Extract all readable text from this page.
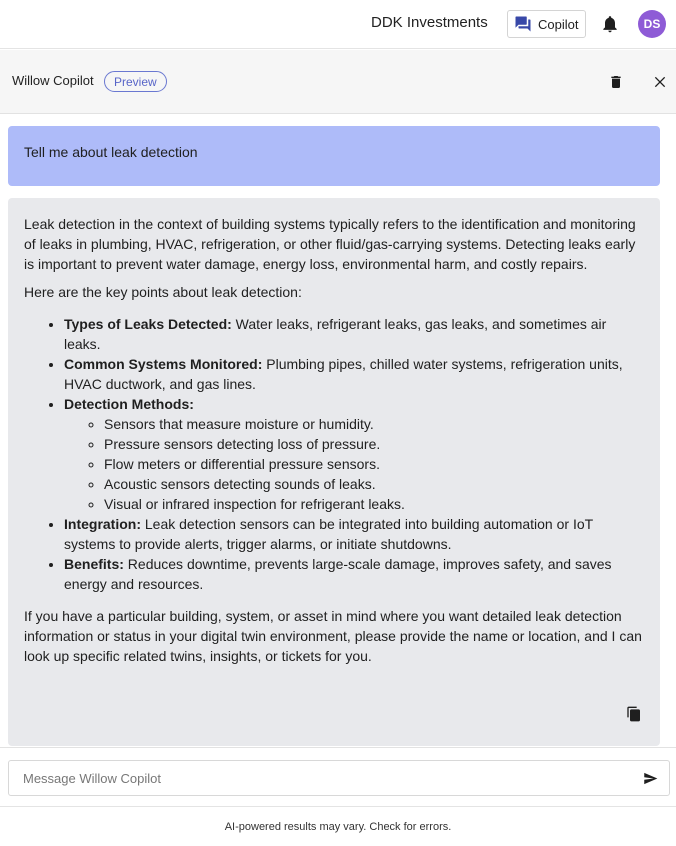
DDK Investments	Copilot	DS
Willow Copilot	Preview
Tell me about leak detection

Leak detection in the context of building systems typically refers to the identification and monitoring of leaks in plumbing, HVAC, refrigeration, or other fluid/gas-carrying systems. Detecting leaks early is important to prevent water damage, energy loss, environmental harm, and costly repairs.

Here are the key points about leak detection:

• Types of Leaks Detected: Water leaks, refrigerant leaks, gas leaks, and sometimes air leaks.
• Common Systems Monitored: Plumbing pipes, chilled water systems, refrigeration units, HVAC ductwork, and gas lines.
• Detection Methods:
◦ Sensors that measure moisture or humidity.
◦ Pressure sensors detecting loss of pressure.
◦ Flow meters or differential pressure sensors.
◦ Acoustic sensors detecting sounds of leaks.
◦ Visual or infrared inspection for refrigerant leaks.
• Integration: Leak detection sensors can be integrated into building automation or IoT systems to provide alerts, trigger alarms, or initiate shutdowns.
• Benefits: Reduces downtime, prevents large-scale damage, improves safety, and saves energy and resources.

If you have a particular building, system, or asset in mind where you want detailed leak detection information or status in your digital twin environment, please provide the name or location, and I can look up specific related twins, insights, or tickets for you.

Message Willow Copilot
AI-powered results may vary. Check for errors.
